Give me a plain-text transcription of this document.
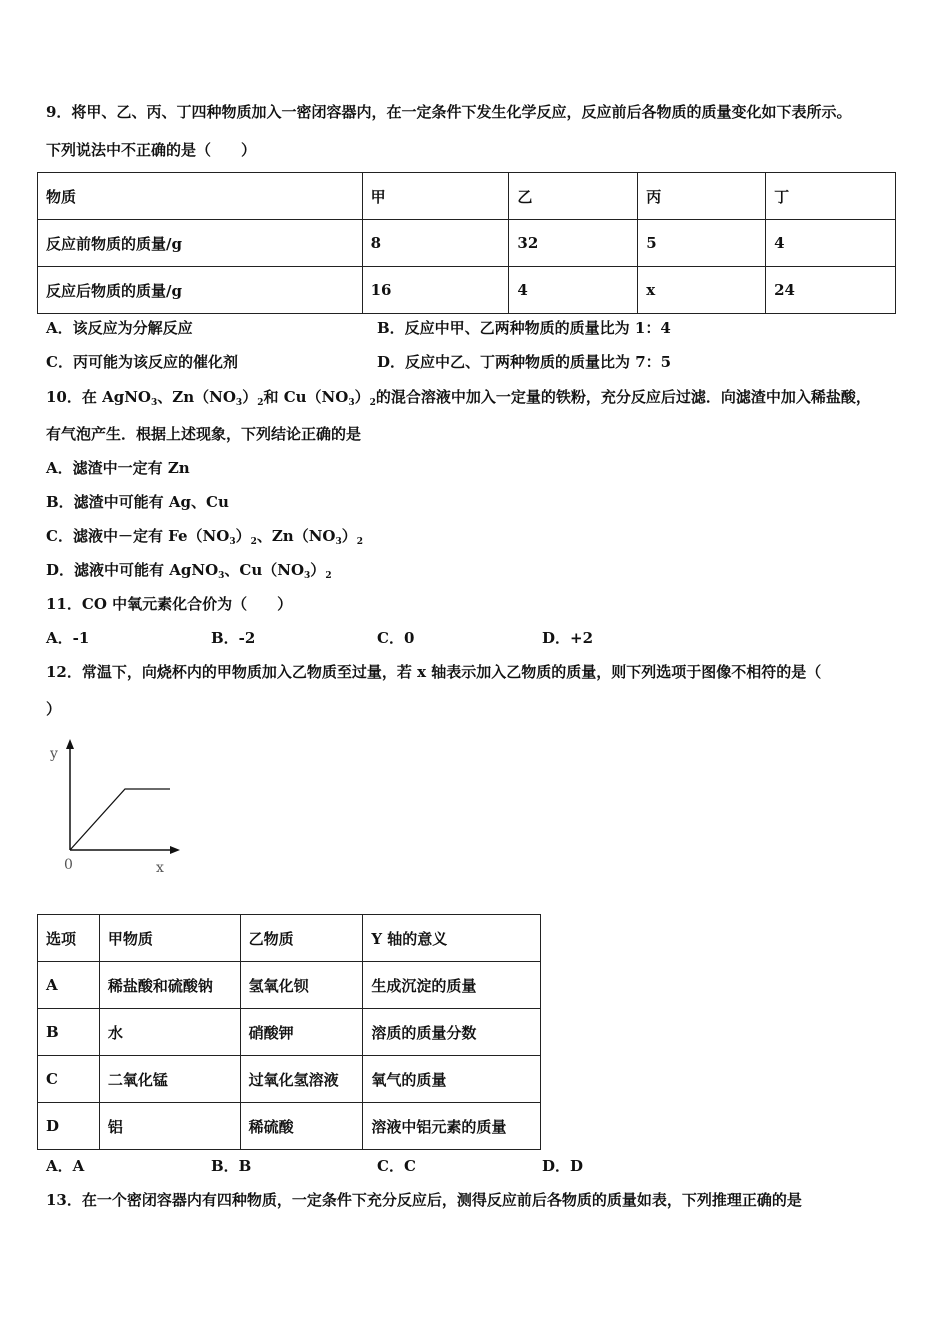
9．将甲、乙、丙、丁四种物质加入一密闭容器内，在一定条件下发生化学反应，反应前后各物质的质量变化如下表所示。
下列说法中不正确的是（　　）
物质	甲	乙	丙	丁
反应前物质的质量/g	8	32	5	4
反应后物质的质量/g	16	4	x	24
A．该反应为分解反应	B．反应中甲、乙两种物质的质量比为 1：4
C．丙可能为该反应的催化剂	D．反应中乙、丁两种物质的质量比为 7：5
10．在 AgNO$_3$、$Zn(NO_3)_2$和 $Cu(NO_3)_2$的混合溶液中加入一定量的铁粉，充分反应后过滤．向滤渣中加入稀盐酸，
有气泡产生．根据上述现象，下列结论正确的是
A．滤渣中一定有 Zn
B．滤渣中可能有 Ag、Cu
C．滤液中－定有 $Fe(NO_3)_2$、$Zn(NO_3)_2$
D．滤液中可能有 AgNO$_3$、$Cu(NO_3)_2$
11．CO 中氧元素化合价为（　　）
A．-1	B．-2	C．0	D．+2
12．常温下，向烧杯内的甲物质加入乙物质至过量，若 x 轴表示加入乙物质的质量，则下列选项于图像不相符的是（
）
y
x
0
选项	甲物质	乙物质	Y 轴的意义
A	稀盐酸和硫酸钠	氢氧化钡	生成沉淀的质量
B	水	硝酸钾	溶质的质量分数
C	二氧化锰	过氧化氢溶液	氧气的质量
D	铝	稀硫酸	溶液中铝元素的质量
A．A	B．B	C．C	D．D
13．在一个密闭容器内有四种物质，一定条件下充分反应后，测得反应前后各物质的质量如表，下列推理正确的是
